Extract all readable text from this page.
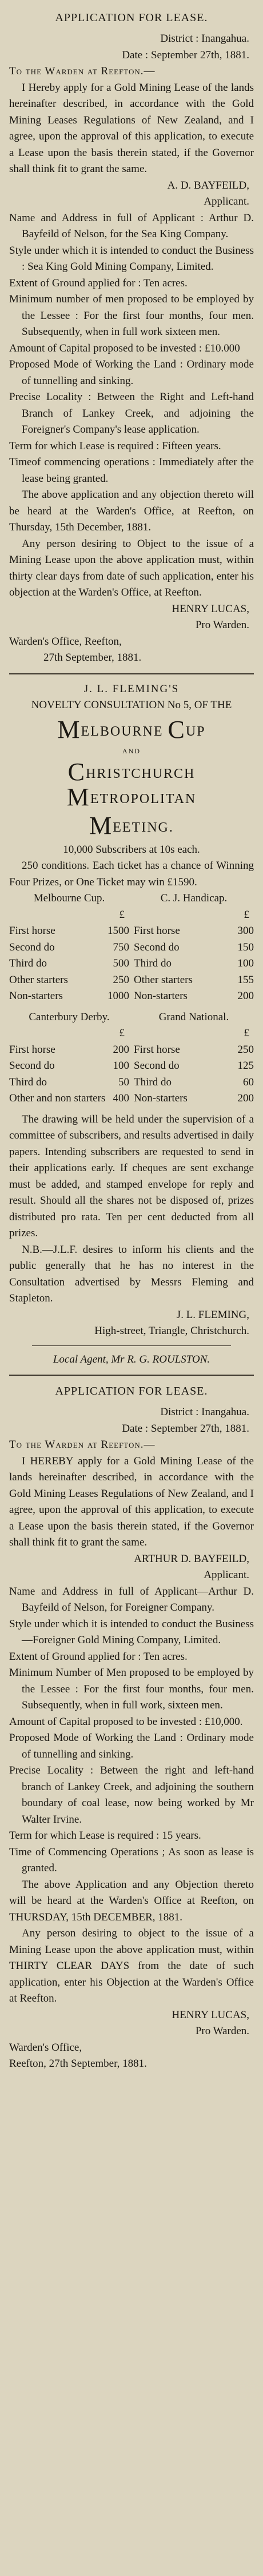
APPLICATION FOR LEASE.
District : Inangahua.
Date : September 27th, 1881.
To the Warden at Reefton.—

I Hereby apply for a Gold Mining Lease of the lands hereinafter described, in accordance with the Gold Mining Leases Regulations of New Zealand, and I agree, upon the approval of this application, to execute a Lease upon the basis therein stated, if the Governor shall think fit to grant the same.

A. D. BAYFEILD,
Applicant.

Name and Address in full of Applicant : Arthur D. Bayfeild of Nelson, for the Sea King Company.

Style under which it is intended to conduct the Business : Sea King Gold Mining Company, Limited.

Extent of Ground applied for : Ten acres.

Minimum number of men proposed to be employed by the Lessee : For the first four months, four men. Subsequently, when in full work sixteen men.

Amount of Capital proposed to be invested : £10.000

Proposed Mode of Working the Land : Ordinary mode of tunnelling and sinking.

Precise Locality : Between the Right and Left-hand Branch of Lankey Creek, and adjoining the Foreigner's Company's lease application.

Term for which Lease is required : Fifteen years.

Timeof commencing operations : Immediately after the lease being granted.

The above application and any objection thereto will be heard at the Warden's Office, at Reefton, on Thursday, 15th December, 1881.

Any person desiring to Object to the issue of a Mining Lease upon the above application must, within thirty clear days from date of such application, enter his objection at the Warden's Office, at Reefton.

HENRY LUCAS,
Pro Warden.
Warden's Office, Reefton,
27th September, 1881.
J. L. FLEMING'S
NOVELTY CONSULTATION No 5, OF THE
MELBOURNE CUP
AND
CHRISTCHURCH METROPOLITAN
MEETING.
10,000 Subscribers at 10s each.

250 conditions. Each ticket has a chance of Winning Four Prizes, or One Ticket may win £1590.

Melbourne Cup.
£
First horse	1500
Second do	750
Third do	500
Other starters	250
Non-starters	1000
C. J. Handicap.
£
First horse	300
Second do	150
Third do	100
Other starters	155
Non-starters	200
Canterbury Derby.
£
First horse	200
Second do	100
Third do	50
Other and non starters 400
Grand National.
£
First horse	250
Second do	125
Third do	60
Non-starters	200

The drawing will be held under the supervision of a committee of subscribers, and results advertised in daily papers. Intending subscribers are requested to send in their applications early. If cheques are sent exchange must be added, and stamped envelope for reply and result. Should all the shares not be disposed of, prizes distributed pro rata. Ten per cent deducted from all prizes.

N.B.—J.L.F. desires to inform his clients and the public generally that he has no interest in the Consultation advertised by Messrs Fleming and Stapleton.

J. L. FLEMING,
High-street, Triangle, Christchurch.
Local Agent, Mr R. G. ROULSTON.
APPLICATION FOR LEASE.
District : Inangahua.
Date : September 27th, 1881.
To the Warden at Reefton.—

I HEREBY apply for a Gold Mining Lease of the lands hereinafter described, in accordance with the Gold Mining Leases Regulations of New Zealand, and I agree, upon the approval of this application, to execute a Lease upon the basis therein stated, if the Governor shall think fit to grant the same.

ARTHUR D. BAYFEILD,
Applicant.

Name and Address in full of Applicant—Arthur D. Bayfeild of Nelson, for Foreigner Company.

Style under which it is intended to conduct the Business—Foreigner Gold Mining Company, Limited.

Extent of Ground applied for : Ten acres.

Minimum Number of Men proposed to be employed by the Lessee : For the first four months, four men. Subsequently, when in full work, sixteen men.

Amount of Capital proposed to be invested : £10,000.

Proposed Mode of Working the Land : Ordinary mode of tunnelling and sinking.

Precise Locality : Between the right and left-hand branch of Lankey Creek, and adjoining the southern boundary of coal lease, now being worked by Mr Walter Irvine.

Term for which Lease is required : 15 years.

Time of Commencing Operations ; As soon as lease is granted.

The above Application and any Objection thereto will be heard at the Warden's Office at Reefton, on THURSDAY, 15th DECEMBER, 1881.

Any person desiring to object to the issue of a Mining Lease upon the above application must, within THIRTY CLEAR DAYS from the date of such application, enter his Objection at the Warden's Office at Reefton.

HENRY LUCAS,
Pro Warden.
Warden's Office,
Reefton, 27th September, 1881.
